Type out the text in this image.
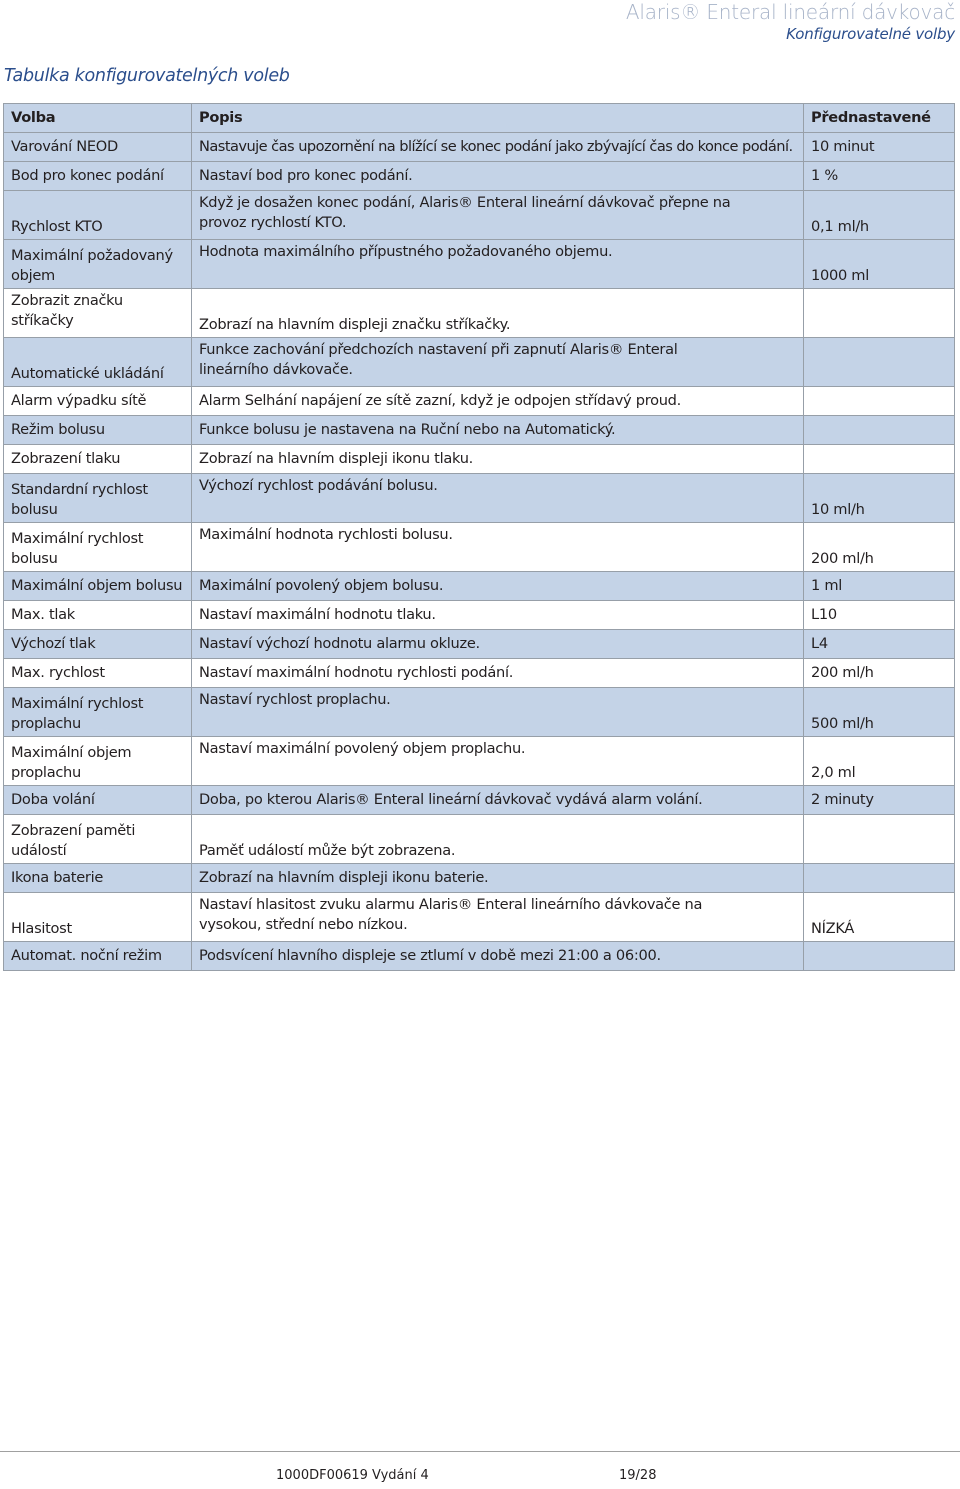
Alaris® Enteral lineární dávkovač
Konfigurovatelné volby
Tabulka konfigurovatelných voleb
Volba	Popis	Přednastavené
Varování NEOD	Nastavuje čas upozornění na blížící se konec podání jako zbývající čas do konce podání.	10 minut
Bod pro konec podání	Nastaví bod pro konec podání.	1 %
Rychlost KTO	Když je dosažen konec podání, Alaris® Enteral lineární dávkovač přepne na provoz rychlostí KTO.	0,1 ml/h
Maximální požadovaný objem	Hodnota maximálního přípustného požadovaného objemu.	1000 ml
Zobrazit značku stříkačky	Zobrazí na hlavním displeji značku stříkačky.	
Automatické ukládání	Funkce zachování předchozích nastavení při zapnutí Alaris® Enteral lineárního dávkovače.	
Alarm výpadku sítě	Alarm Selhání napájení ze sítě zazní, když je odpojen střídavý proud.	
Režim bolusu	Funkce bolusu je nastavena na Ruční nebo na Automatický.	
Zobrazení tlaku	Zobrazí na hlavním displeji ikonu tlaku.	
Standardní rychlost bolusu	Výchozí rychlost podávání bolusu.	10 ml/h
Maximální rychlost bolusu	Maximální hodnota rychlosti bolusu.	200 ml/h
Maximální objem bolusu	Maximální povolený objem bolusu.	1 ml
Max. tlak	Nastaví maximální hodnotu tlaku.	L10
Výchozí tlak	Nastaví výchozí hodnotu alarmu okluze.	L4
Max. rychlost	Nastaví maximální hodnotu rychlosti podání.	200 ml/h
Maximální rychlost proplachu	Nastaví rychlost proplachu.	500 ml/h
Maximální objem proplachu	Nastaví maximální povolený objem proplachu.	2,0 ml
Doba volání	Doba, po kterou Alaris® Enteral lineární dávkovač vydává alarm volání.	2 minuty
Zobrazení paměti událostí	Paměť událostí může být zobrazena.	
Ikona baterie	Zobrazí na hlavním displeji ikonu baterie.	
Hlasitost	Nastaví hlasitost zvuku alarmu Alaris® Enteral lineárního dávkovače na vysokou, střední nebo nízkou.	NÍZKÁ
Automat. noční režim	Podsvícení hlavního displeje se ztlumí v době mezi 21:00 a 06:00.	
1000DF00619 Vydání 4	19/28
